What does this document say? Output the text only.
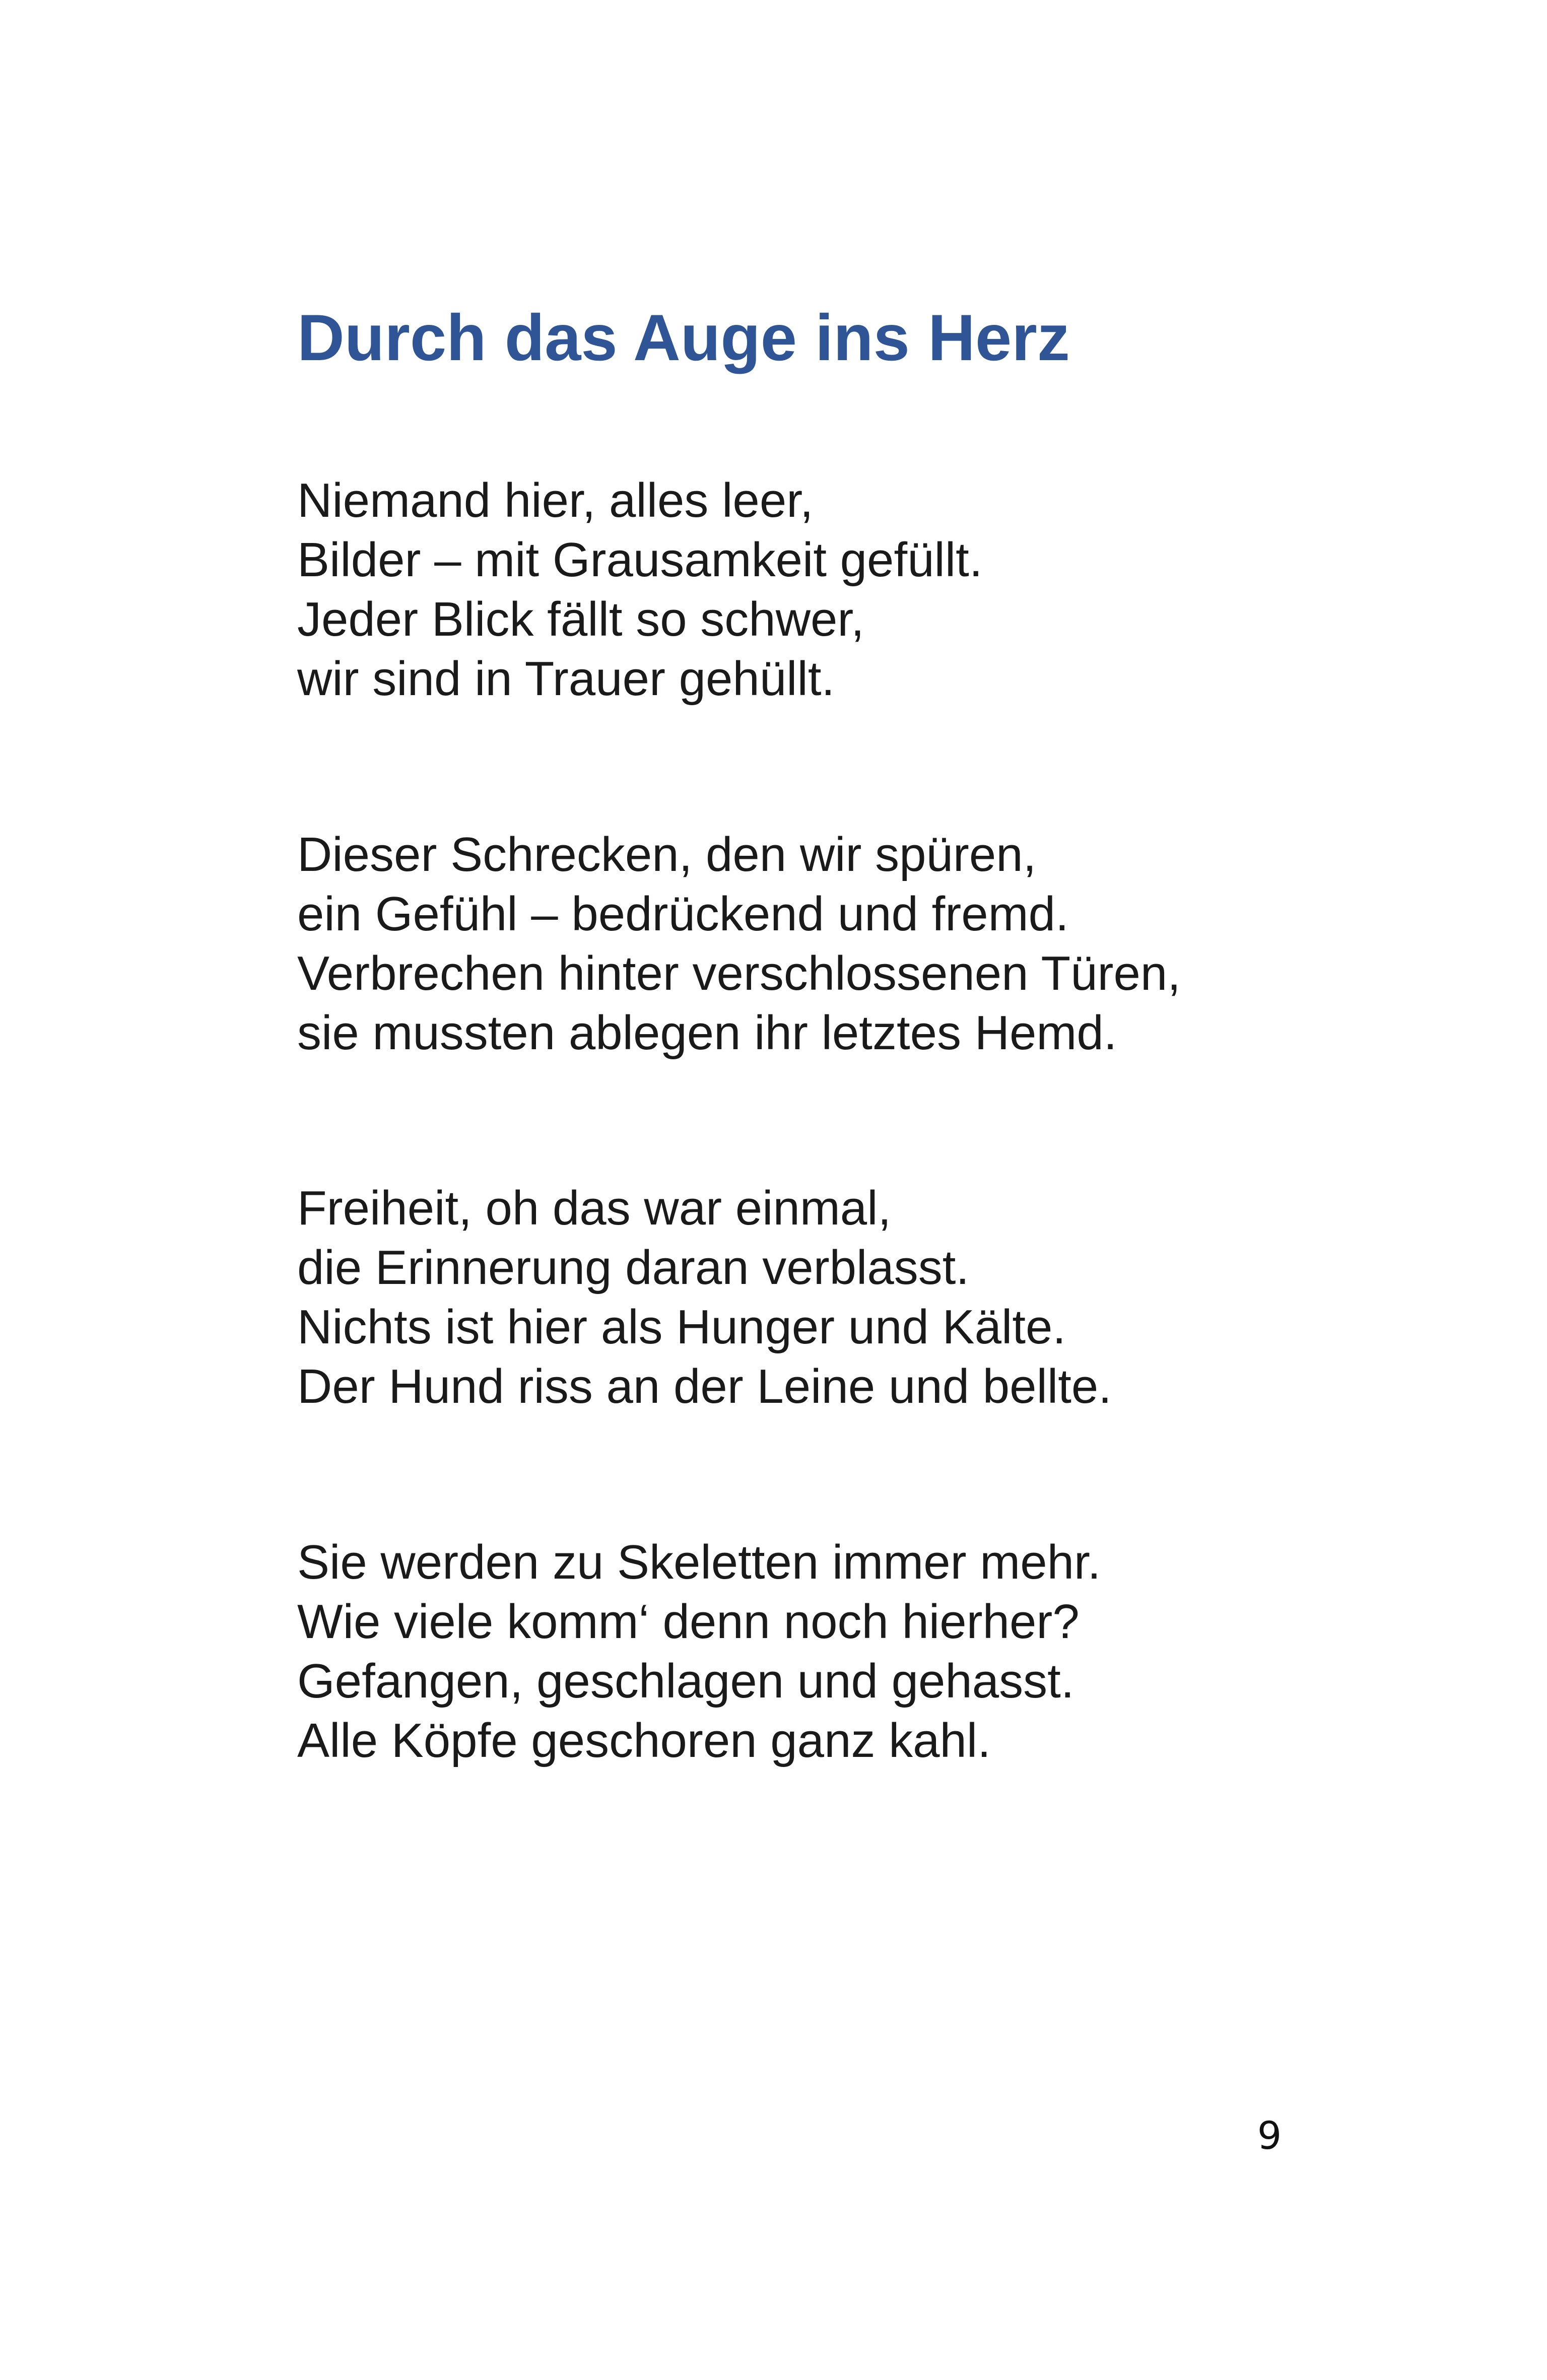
Durch das Auge ins Herz
Niemand hier, alles leer,
Bilder – mit Grausamkeit gefüllt.
Jeder Blick fällt so schwer,
wir sind in Trauer gehüllt.
Dieser Schrecken, den wir spüren,
ein Gefühl – bedrückend und fremd.
Verbrechen hinter verschlossenen Türen,
sie mussten ablegen ihr letztes Hemd.
Freiheit, oh das war einmal,
die Erinnerung daran verblasst.
Nichts ist hier als Hunger und Kälte.
Der Hund riss an der Leine und bellte.
Sie werden zu Skeletten immer mehr.
Wie viele komm‘ denn noch hierher?
Gefangen, geschlagen und gehasst.
Alle Köpfe geschoren ganz kahl.
9
